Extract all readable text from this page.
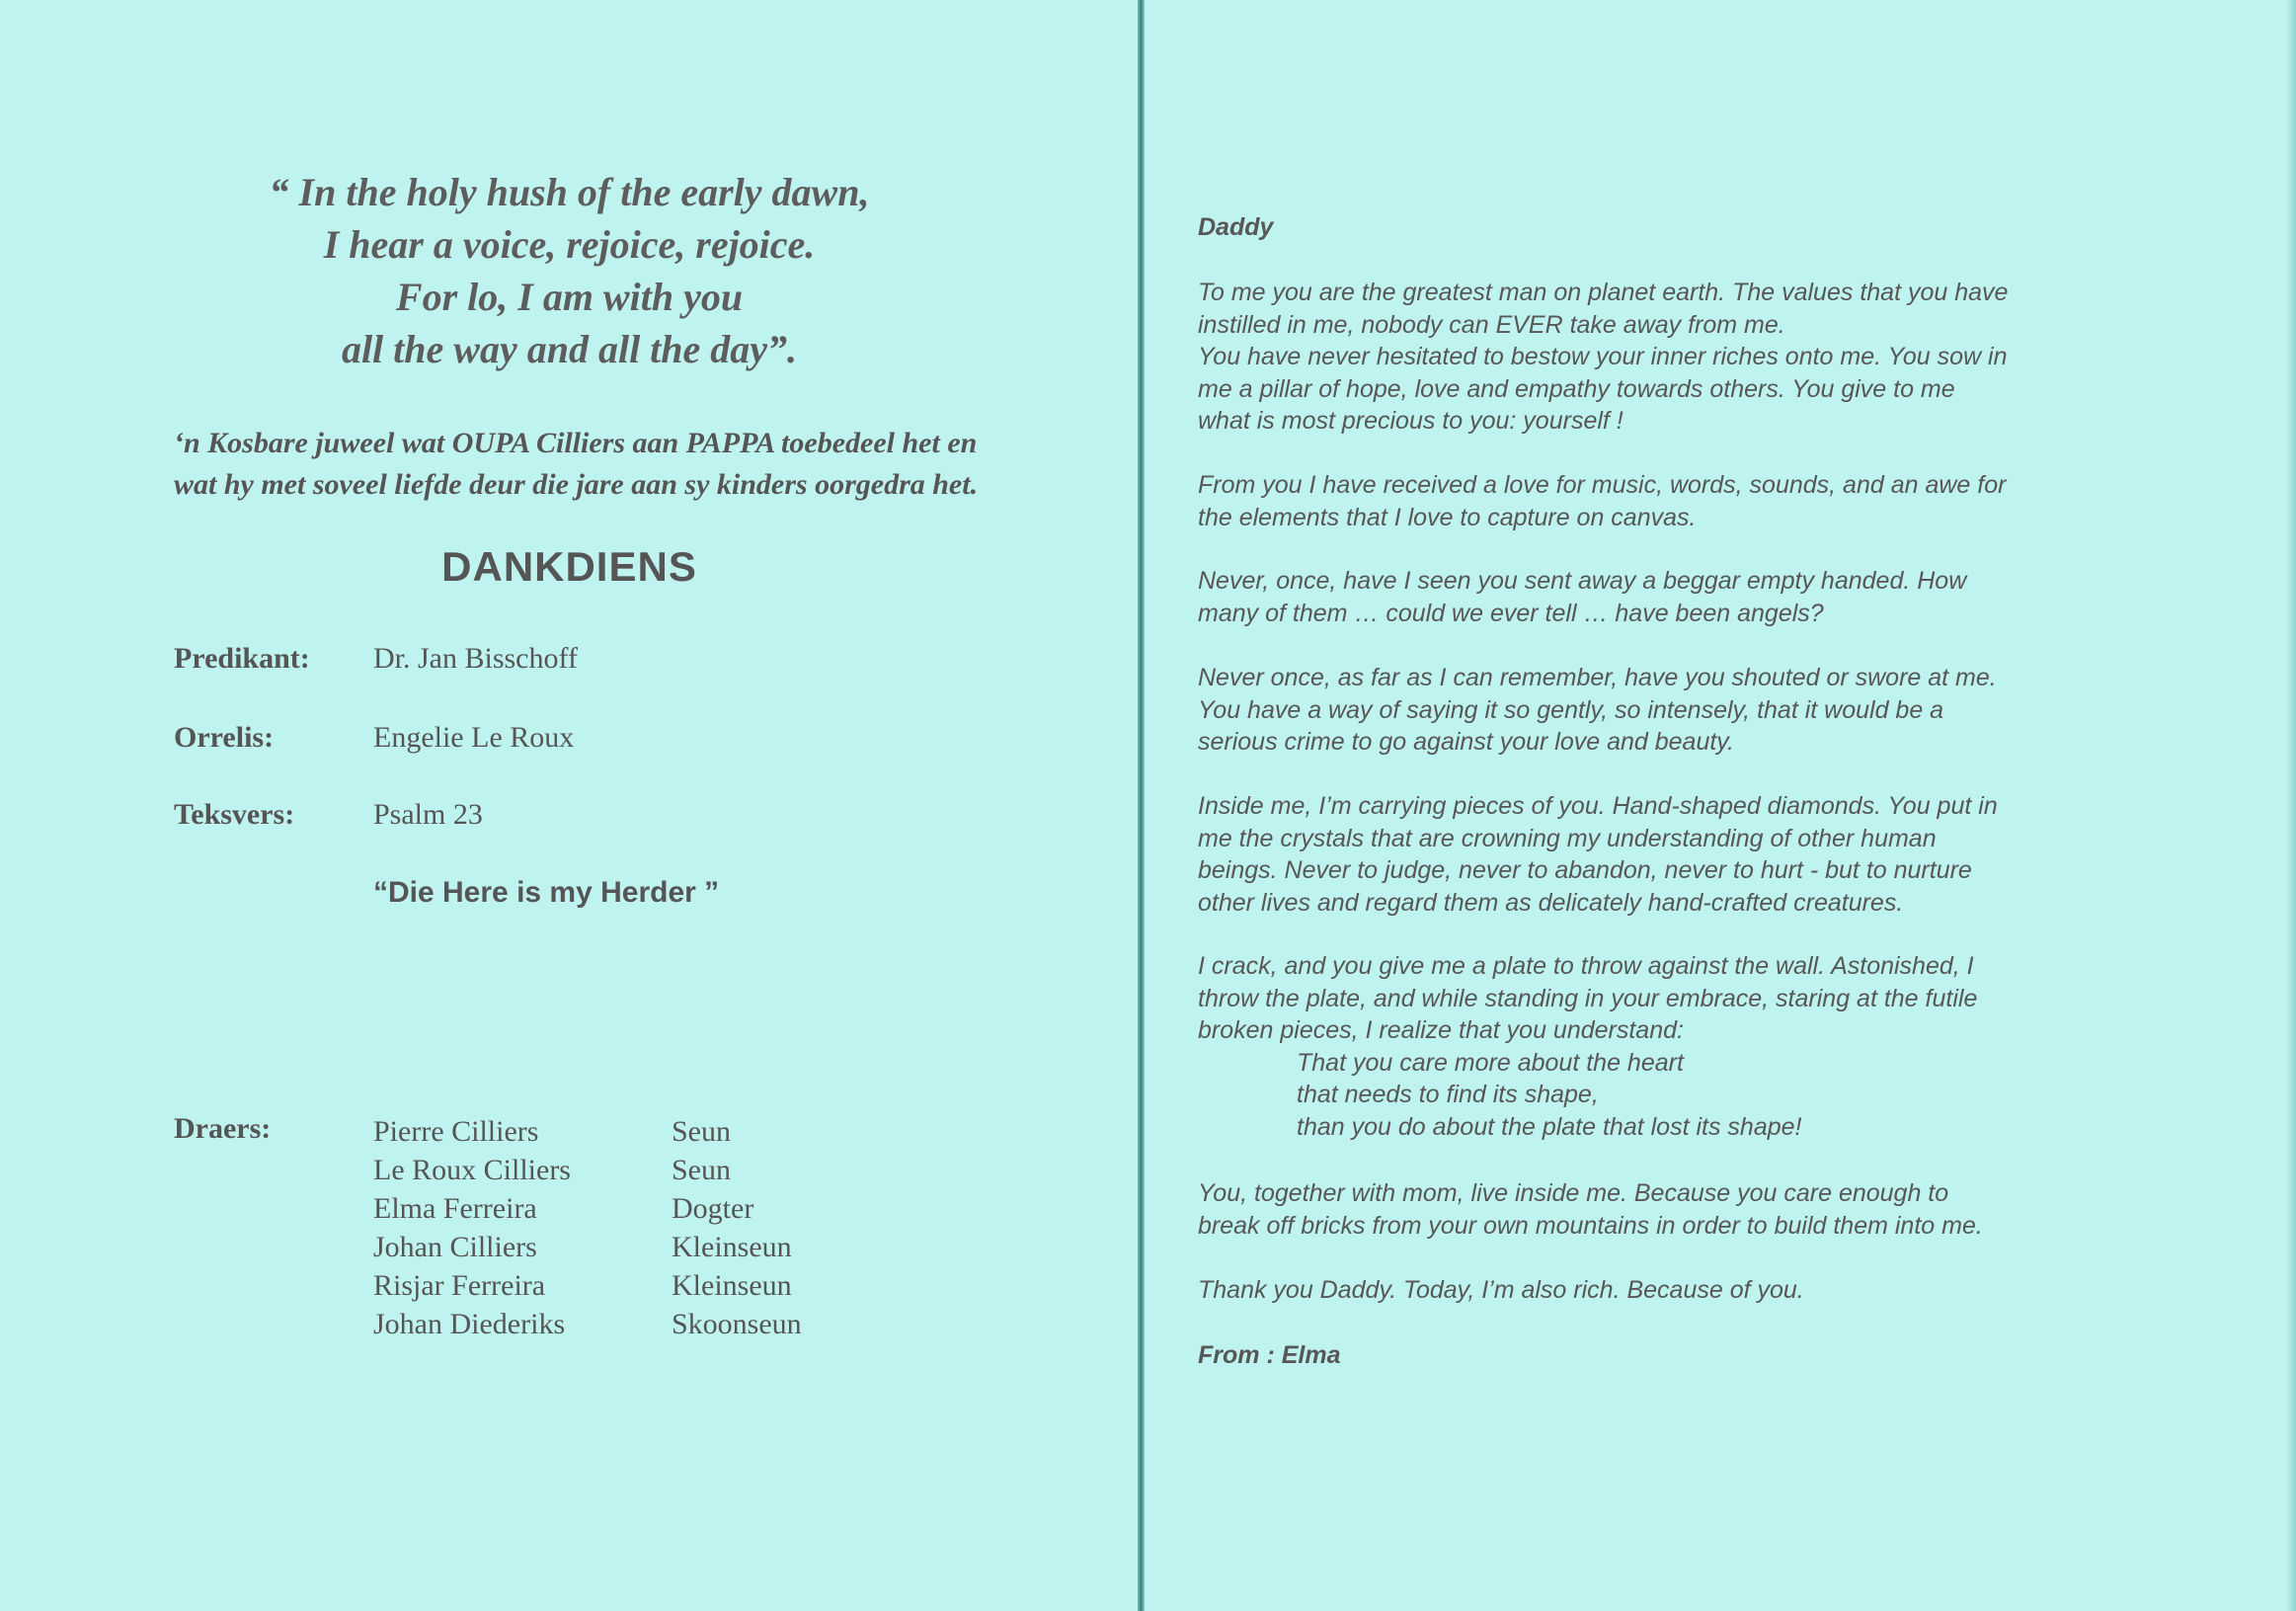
“ In the holy hush of the early dawn,
I hear a voice, rejoice, rejoice.
For lo, I am with you
all the way and all the day”.
‘n Kosbare juweel wat OUPA Cilliers aan PAPPA toebedeel het en
wat hy met soveel liefde deur die jare aan sy kinders oorgedra het.
DANKDIENS
Predikant: Dr. Jan Bisschoff
Orrelis:	Engelie Le Roux
Teksvers:	Psalm 23
“Die Here is my Herder ”
Draers:	Pierre Cilliers	Seun
Le Roux Cilliers	Seun
Elma Ferreira	Dogter
Johan Cilliers	Kleinseun
Risjar Ferreira	Kleinseun
Johan Diederiks	Skoonseun
Daddy
To me you are the greatest man on planet earth. The values that you have
instilled in me, nobody can EVER take away from me.
You have never hesitated to bestow your inner riches onto me. You sow in
me a pillar of hope, love and empathy towards others. You give to me
what is most precious to you: yourself !
From you I have received a love for music, words, sounds, and an awe for
the elements that I love to capture on canvas.
Never, once, have I seen you sent away a beggar empty handed. How
many of them … could we ever tell … have been angels?
Never once, as far as I can remember, have you shouted or swore at me.
You have a way of saying it so gently, so intensely, that it would be a
serious crime to go against your love and beauty.
Inside me, I’m carrying pieces of you. Hand-shaped diamonds. You put in
me the crystals that are crowning my understanding of other human
beings. Never to judge, never to abandon, never to hurt - but to nurture
other lives and regard them as delicately hand-crafted creatures.
I crack, and you give me a plate to throw against the wall. Astonished, I
throw the plate, and while standing in your embrace, staring at the futile
broken pieces, I realize that you understand:
That you care more about the heart
that needs to find its shape,
than you do about the plate that lost its shape!
You, together with mom, live inside me. Because you care enough to
break off bricks from your own mountains in order to build them into me.
Thank you Daddy. Today, I’m also rich. Because of you.
From : Elma
